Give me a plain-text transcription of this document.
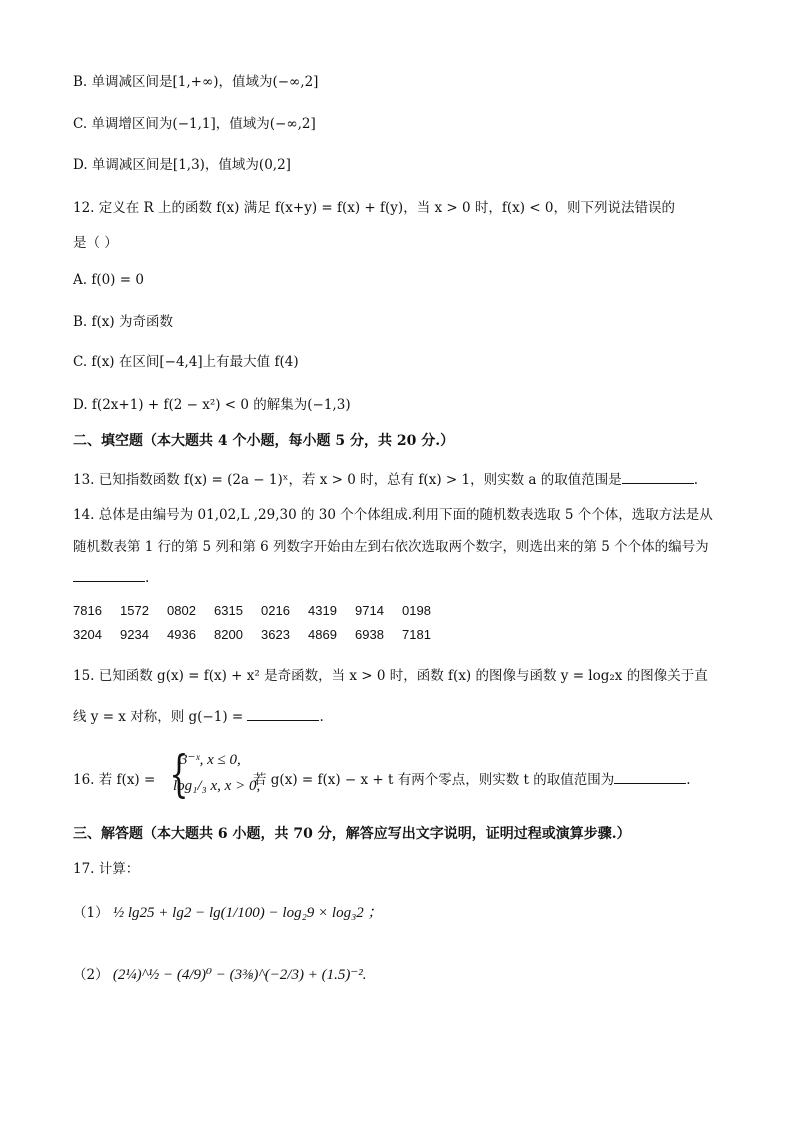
B. 单调减区间是[1,+∞)，值域为(−∞,2]
C. 单调增区间为(−1,1]，值域为(−∞,2]
D. 单调减区间是[1,3)，值域为(0,2]
12. 定义在 R 上的函数 f(x) 满足 f(x+y) = f(x) + f(y)，当 x > 0 时，f(x) < 0，则下列说法错误的
是（ ）
A. f(0) = 0
B. f(x) 为奇函数
C. f(x) 在区间[−4,4]上有最大值 f(4)
D. f(2x+1) + f(2 − x²) < 0 的解集为(−1,3)
二、填空题（本大题共 4 个小题，每小题 5 分，共 20 分.）
13. 已知指数函数 f(x) = (2a − 1)ˣ，若 x > 0 时，总有 f(x) > 1，则实数 a 的取值范围是	.
14. 总体是由编号为 01,02,L ,29,30 的 30 个个体组成.利用下面的随机数表选取 5 个个体，选取方法是从
随机数表第 1 行的第 5 列和第 6 列数字开始由左到右依次选取两个数字，则选出来的第 5 个个体的编号为
.
7816	1572	0802	6315	0216	4319	9714	0198
3204	9234	4936	8200	3623	4869	6938	7181
15. 已知函数 g(x) = f(x) + x² 是奇函数，当 x > 0 时，函数 f(x) 的图像与函数 y = log₂x 的图像关于直
线 y = x 对称，则 g(−1) =	.
16. 若 f(x) = {
3⁻ˣ, x ≤ 0,
log₁/₃ x, x > 0,
若 g(x) = f(x) − x + t 有两个零点，则实数 t 的取值范围为	.
三、解答题（本大题共 6 小题，共 70 分，解答应写出文字说明，证明过程或演算步骤.）
17. 计算：
（1） ½ lg25 + lg2 − lg(1/100) − log₂9 × log₃2 ；
（2） (2¼)^½ − (4/9)⁰ − (3⅜)^(−2/3) + (1.5)⁻².
